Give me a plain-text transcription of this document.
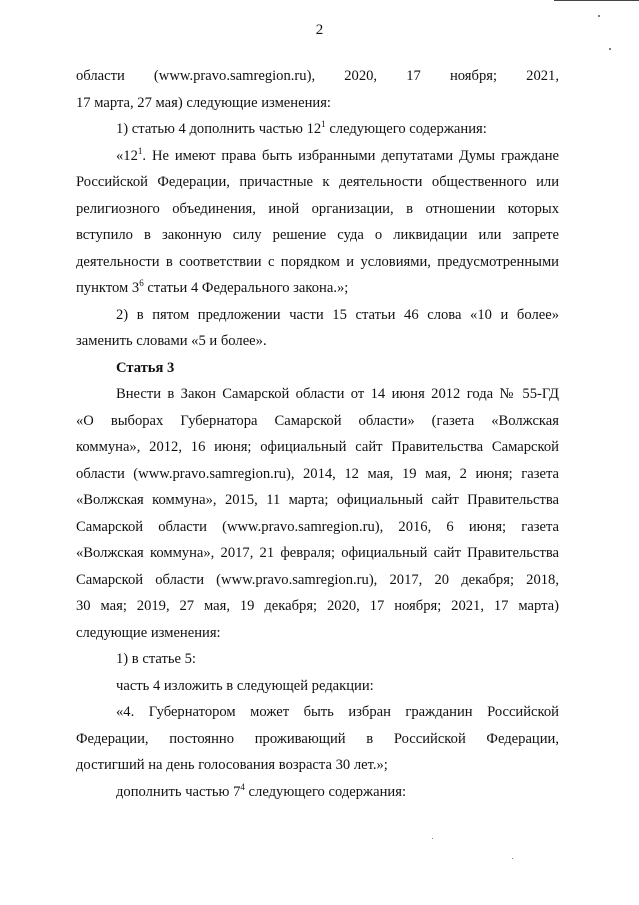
2

области (www.pravo.samregion.ru), 2020, 17 ноября; 2021,
17 марта, 27 мая) следующие изменения:

1) статью 4 дополнить частью $12^1$ следующего содержания:

«$12^1$. Не имеют права быть избранными депутатами Думы граждане
Российской Федерации, причастные к деятельности общественного или
религиозного объединения, иной организации, в отношении которых
вступило в законную силу решение суда о ликвидации или запрете
деятельности в соответствии с порядком и условиями, предусмотренными
пунктом $3^6$ статьи 4 Федерального закона.»;

2) в пятом предложении части 15 статьи 46 слова «10 и более»
заменить словами «5 и более».

Статья 3

Внести в Закон Самарской области от 14 июня 2012 года № 55-ГД
«О выборах Губернатора Самарской области» (газета «Волжская
коммуна», 2012, 16 июня; официальный сайт Правительства Самарской
области (www.pravo.samregion.ru), 2014, 12 мая, 19 мая, 2 июня; газета
«Волжская коммуна», 2015, 11 марта; официальный сайт Правительства
Самарской области (www.pravo.samregion.ru), 2016, 6 июня; газета
«Волжская коммуна», 2017, 21 февраля; официальный сайт Правительства
Самарской области (www.pravo.samregion.ru), 2017, 20 декабря; 2018,
30 мая; 2019, 27 мая, 19 декабря; 2020, 17 ноября; 2021, 17 марта)
следующие изменения:

1) в статье 5:

часть 4 изложить в следующей редакции:

«4. Губернатором может быть избран гражданин Российской
Федерации, постоянно проживающий в Российской Федерации,
достигший на день голосования возраста 30 лет.»;

дополнить частью $7^4$ следующего содержания:
